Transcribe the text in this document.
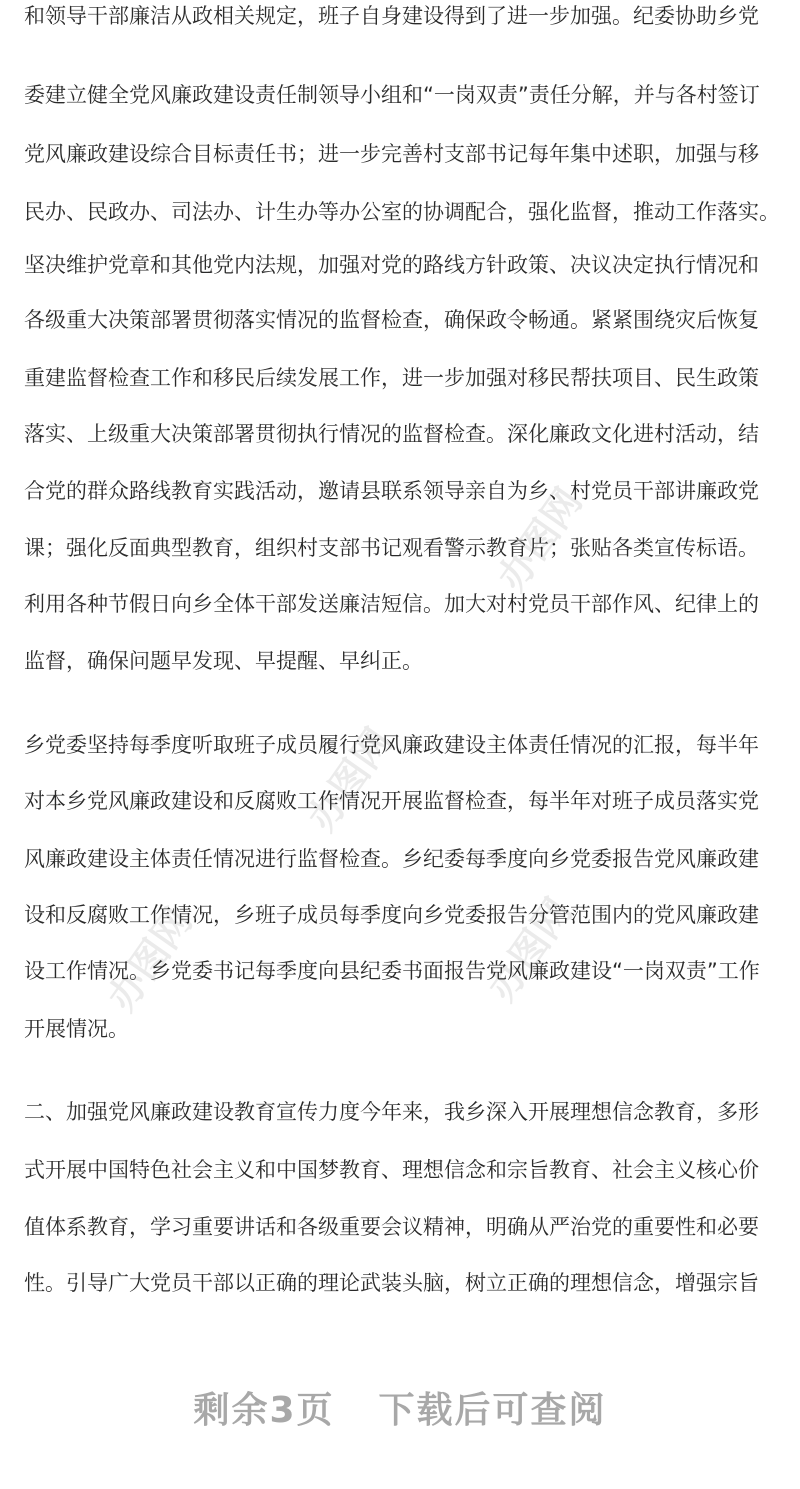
办图网
办图网
办图网
办图网
和领导干部廉洁从政相关规定，班子自身建设得到了进一步加强。纪委协助乡党
委建立健全党风廉政建设责任制领导小组和“一岗双责”责任分解，并与各村签订
党风廉政建设综合目标责任书；进一步完善村支部书记每年集中述职，加强与移
民办、民政办、司法办、计生办等办公室的协调配合，强化监督，推动工作落实。
坚决维护党章和其他党内法规，加强对党的路线方针政策、决议决定执行情况和
各级重大决策部署贯彻落实情况的监督检查，确保政令畅通。紧紧围绕灾后恢复
重建监督检查工作和移民后续发展工作，进一步加强对移民帮扶项目、民生政策
落实、上级重大决策部署贯彻执行情况的监督检查。深化廉政文化进村活动，结
合党的群众路线教育实践活动，邀请县联系领导亲自为乡、村党员干部讲廉政党
课；强化反面典型教育，组织村支部书记观看警示教育片；张贴各类宣传标语。
利用各种节假日向乡全体干部发送廉洁短信。加大对村党员干部作风、纪律上的
监督，确保问题早发现、早提醒、早纠正。
乡党委坚持每季度听取班子成员履行党风廉政建设主体责任情况的汇报，每半年
对本乡党风廉政建设和反腐败工作情况开展监督检查，每半年对班子成员落实党
风廉政建设主体责任情况进行监督检查。乡纪委每季度向乡党委报告党风廉政建
设和反腐败工作情况，乡班子成员每季度向乡党委报告分管范围内的党风廉政建
设工作情况。乡党委书记每季度向县纪委书面报告党风廉政建设“一岗双责”工作
开展情况。
二、加强党风廉政建设教育宣传力度今年来，我乡深入开展理想信念教育，多形
式开展中国特色社会主义和中国梦教育、理想信念和宗旨教育、社会主义核心价
值体系教育，学习重要讲话和各级重要会议精神，明确从严治党的重要性和必要
性。引导广大党员干部以正确的理论武装头脑，树立正确的理想信念，增强宗旨
剩余3页 下载后可查阅
